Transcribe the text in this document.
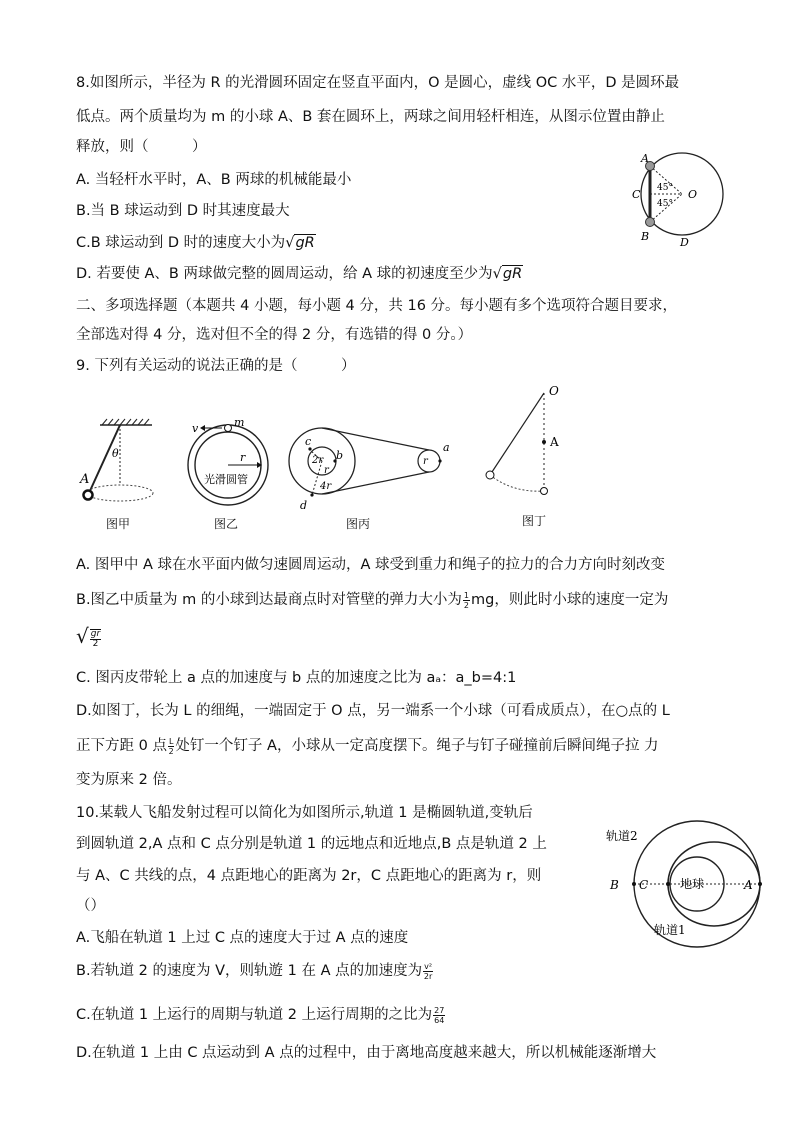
8.如图所示，半径为 R 的光滑圆环固定在竖直平面内，O 是圆心，虚线 OC 水平，D 是圆环最
低点。两个质量均为 m 的小球 A、B 套在圆环上，两球之间用轻杆相连，从图示位置由静止
释放，则（　　　）
A. 当轻杆水平时，A、B 两球的机械能最小
B.当 B 球运动到 D 时其速度最大
C.B 球运动到 D 时的速度大小为√gR
D. 若要使 A、B 两球做完整的圆周运动，给 A 球的初速度至少为√gR
A
B
C	O
D
45°
45°
二、多项选择题（本题共 4 小题，每小题 4 分，共 16 分。每小题有多个选项符合题目要求，
全部选对得 4 分，选对但不全的得 2 分，有选错的得 0 分。）
9. 下列有关运动的说法正确的是（　　　）
A
θ
图甲
v	m
r
光滑圆管
图乙
c
b
a
d
2r
r
4r
r
图丙
O
A
图丁
A. 图甲中 A 球在水平面内做匀速圆周运动，A 球受到重力和绳子的拉力的合力方向时刻改变
B.图乙中质量为 m 的小球到达最商点时对管壁的弹力大小为 $\frac{1}{2}$ mg，则此时小球的速度一定为
√ $\frac{gr}{2}$
C. 图丙皮带轮上 a 点的加速度与 b 点的加速度之比为 aₐ：a_b=4:1
D.如图丁，长为 L 的细绳，一端固定于 O 点，另一端系一个小球（可看成质点），在○点的 L
正下方距 0 点 $\frac{L}{2}$ 处钉一个钉子 A，小球从一定高度摆下。绳子与钉子碰撞前后瞬间绳子拉 力
变为原来 2 倍。
10.某载人飞船发射过程可以简化为如图所示,轨道 1 是椭圆轨道,变轨后
到圆轨道 2,A 点和 C 点分别是轨道 1 的远地点和近地点,B 点是轨道 2 上
与 A、C 共线的点，4 点距地心的距离为 2r，C 点距地心的距离为 r，则
（）
A.飞船在轨道 1 上过 C 点的速度大于过 A 点的速度
B.若轨道 2 的速度为 V，则轨遊 1 在 A 点的加速度为 $\frac{\text{v²}}{2r}$
C.在轨道 1 上运行的周期与轨道 2 上运行周期的之比为 $\frac{27}{64}$
D.在轨道 1 上由 C 点运动到 A 点的过程中，由于离地高度越来越大，所以机械能逐渐增大
轨道2
轨道1
地球
B C	A
